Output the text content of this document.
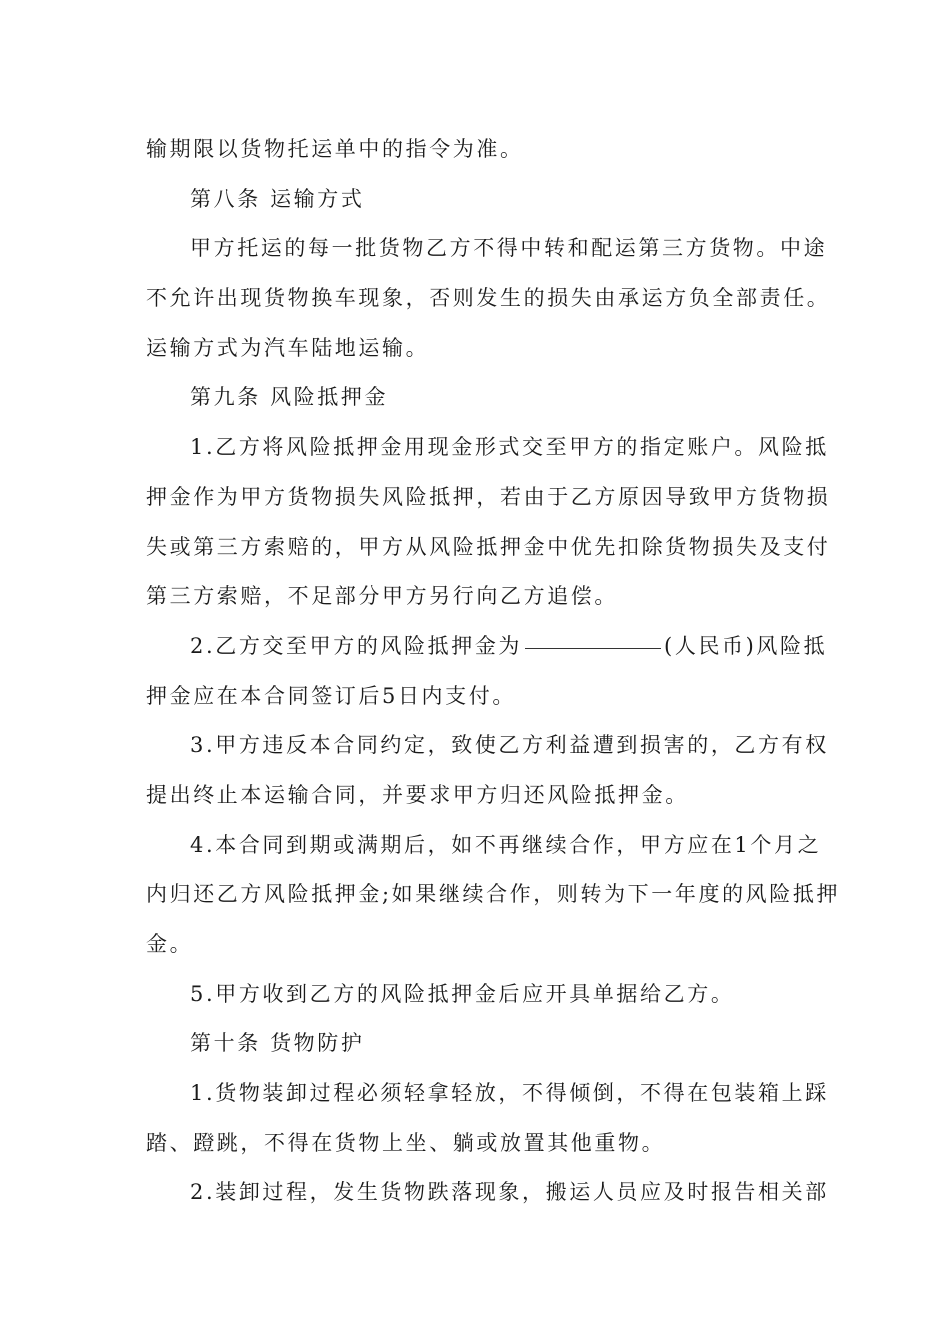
输期限以货物托运单中的指令为准。
第八条 运输方式
甲方托运的每一批货物乙方不得中转和配运第三方货物。中途
不允许出现货物换车现象，否则发生的损失由承运方负全部责任。
运输方式为汽车陆地运输。
第九条 风险抵押金
1.乙方将风险抵押金用现金形式交至甲方的指定账户。风险抵
押金作为甲方货物损失风险抵押，若由于乙方原因导致甲方货物损
失或第三方索赔的，甲方从风险抵押金中优先扣除货物损失及支付
第三方索赔，不足部分甲方另行向乙方追偿。
2.乙方交至甲方的风险抵押金为	(人民币)风险抵
押金应在本合同签订后5日内支付。
3.甲方违反本合同约定，致使乙方利益遭到损害的，乙方有权
提出终止本运输合同，并要求甲方归还风险抵押金。
4.本合同到期或满期后，如不再继续合作，甲方应在1个月之
内归还乙方风险抵押金;如果继续合作，则转为下一年度的风险抵押
金。
5.甲方收到乙方的风险抵押金后应开具单据给乙方。
第十条 货物防护
1.货物装卸过程必须轻拿轻放，不得倾倒，不得在包装箱上踩
踏、蹬跳，不得在货物上坐、躺或放置其他重物。
2.装卸过程，发生货物跌落现象，搬运人员应及时报告相关部
